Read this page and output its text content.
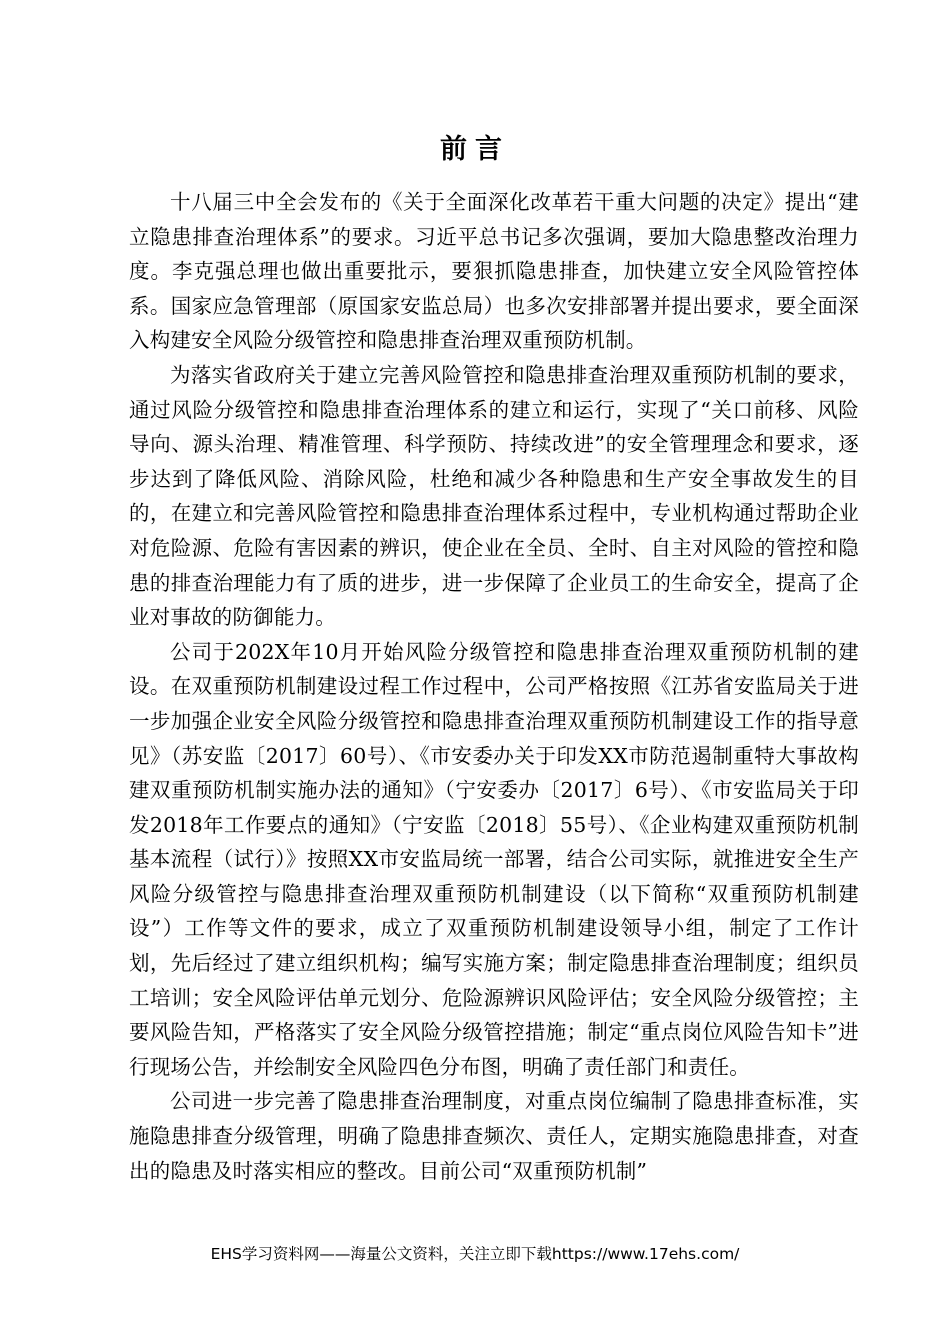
前言

十八届三中全会发布的《关于全面深化改革若干重大问题的决定》提出“建立隐患排查治理体系”的要求。习近平总书记多次强调，要加大隐患整改治理力度。李克强总理也做出重要批示，要狠抓隐患排查，加快建立安全风险管控体系。国家应急管理部（原国家安监总局）也多次安排部署并提出要求，要全面深入构建安全风险分级管控和隐患排查治理双重预防机制。

为落实省政府关于建立完善风险管控和隐患排查治理双重预防机制的要求，通过风险分级管控和隐患排查治理体系的建立和运行，实现了“关口前移、风险导向、源头治理、精准管理、科学预防、持续改进”的安全管理理念和要求，逐步达到了降低风险、消除风险，杜绝和减少各种隐患和生产安全事故发生的目的，在建立和完善风险管控和隐患排查治理体系过程中，专业机构通过帮助企业对危险源、危险有害因素的辨识，使企业在全员、全时、自主对风险的管控和隐患的排查治理能力有了质的进步，进一步保障了企业员工的生命安全，提高了企业对事故的防御能力。

公司于202X年10月开始风险分级管控和隐患排查治理双重预防机制的建设。在双重预防机制建设过程工作过程中，公司严格按照《江苏省安监局关于进一步加强企业安全风险分级管控和隐患排查治理双重预防机制建设工作的指导意见》（苏安监〔2017〕60号）、《市安委办关于印发XX市防范遏制重特大事故构建双重预防机制实施办法的通知》（宁安委办〔2017〕6号）、《市安监局关于印发2018年工作要点的通知》（宁安监〔2018〕55号）、《企业构建双重预防机制基本流程（试行）》按照XX市安监局统一部署，结合公司实际，就推进安全生产风险分级管控与隐患排查治理双重预防机制建设（以下简称“双重预防机制建设”）工作等文件的要求，成立了双重预防机制建设领导小组，制定了工作计划，先后经过了建立组织机构；编写实施方案；制定隐患排查治理制度；组织员工培训；安全风险评估单元划分、危险源辨识风险评估；安全风险分级管控；主要风险告知，严格落实了安全风险分级管控措施；制定“重点岗位风险告知卡”进行现场公告，并绘制安全风险四色分布图，明确了责任部门和责任。

公司进一步完善了隐患排查治理制度，对重点岗位编制了隐患排查标准，实施隐患排查分级管理，明确了隐患排查频次、责任人，定期实施隐患排查，对查出的隐患及时落实相应的整改。目前公司“双重预防机制”

EHS学习资料网——海量公文资料，关注立即下载https://www.17ehs.com/
